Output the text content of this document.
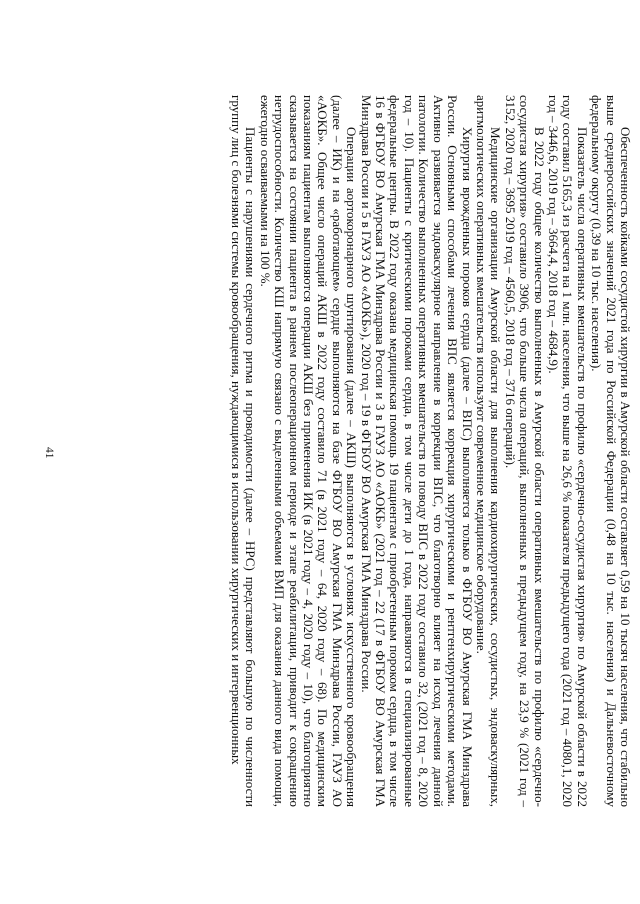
41	Обеспеченность койками сосудистой хирургии в Амурской области составляет 0,59 на 10 тысяч населения, что стабильно выше среднероссийских значений 2021 года по Российской Федерации (0,48 на 10 тыс. населения) и Дальневосточному федеральному округу (0,39 на 10 тыс. населения).

Показатель числа оперативных вмешательств по профилю «сердечно-сосудистая хирургия» по Амурской области в 2022 году составил 5165,3 из расчета на 1 млн. населения, что выше на 26,6 % показателя предыдущего года (2021 год – 4080,1, 2020 год – 3446,6, 2019 год – 3664,4, 2018 год – 4684,9).

В 2022 году общее количество выполненных в Амурской области оперативных вмешательств по профилю «сердечно-сосудистая хирургия» составило 3906, что больше числа операций, выполненных в предыдущем году, на 23,9 % (2021 год – 3152, 2020 год – 3695 2019 год – 4560,5, 2018 год – 3716 операций).

Медицинские организации Амурской области для выполнения кардиохирургических, сосудистых, эндоваскулярных, аритмологических оперативных вмешательств используют современное медицинское оборудование.

Хирургия врожденных пороков сердца (далее – ВПС) выполняется только в ФГБОУ ВО Амурская ГМА Минздрава России. Основными способами лечения ВПС является коррекция хирургическими и рентгенхирургическими методами. Активно развивается эндоваскулярное направление в коррекции ВПС, что благотворно влияет на исход лечения данной патологии. Количество выполненных оперативных вмешательств по поводу ВПС в 2022 году составило 32, (2021 год – 8, 2020 год – 10). Пациенты с критическими пороками сердца, в том числе дети до 1 года, направляются в специализированные федеральные центры. В 2022 году оказана медицинская помощь 19 пациентам с приобретенным пороком сердца, в том числе 16 в ФГБОУ ВО Амурская ГМА Минздрава России и 3 в ГАУЗ АО «АОКБ» (2021 год – 22 (17 в ФГБОУ ВО Амурская ГМА Минздрава России и 5 в ГАУЗ АО «АОКБ»), 2020 год – 19 в ФГБОУ ВО Амурская ГМА Минздрава России.

Операции аортокоронарного шунтирования (далее – АКШ) выполняются в условиях искусственного кровообращения (далее – ИК) и на «работающем» сердце выполняются на базе ФГБОУ ВО Амурская ГМА Минздрава России, ГАУЗ АО «АОКБ». Общее число операций АКШ в 2022 году составило 71 (в 2021 году – 64, 2020 году – 68). По медицинским показаниям пациентам выполняются операции АКШ без применения ИК (в 2021 году – 4, 2020 году – 10), что благоприятно сказывается на состоянии пациента в раннем послеоперационном периоде и этапе реабилитации, приводит к сокращению нетрудоспособности. Количество КШ напрямую связано с выделенными объемами ВМП для оказания данного вида помощи, ежегодно осваиваемыми на 100 %.

Пациенты с нарушениями сердечного ритма и проводимости (далее – НРС) представляют большую по численности группу лиц с болезнями системы кровообращения, нуждающимися в использовании хирургических и интервенционных
